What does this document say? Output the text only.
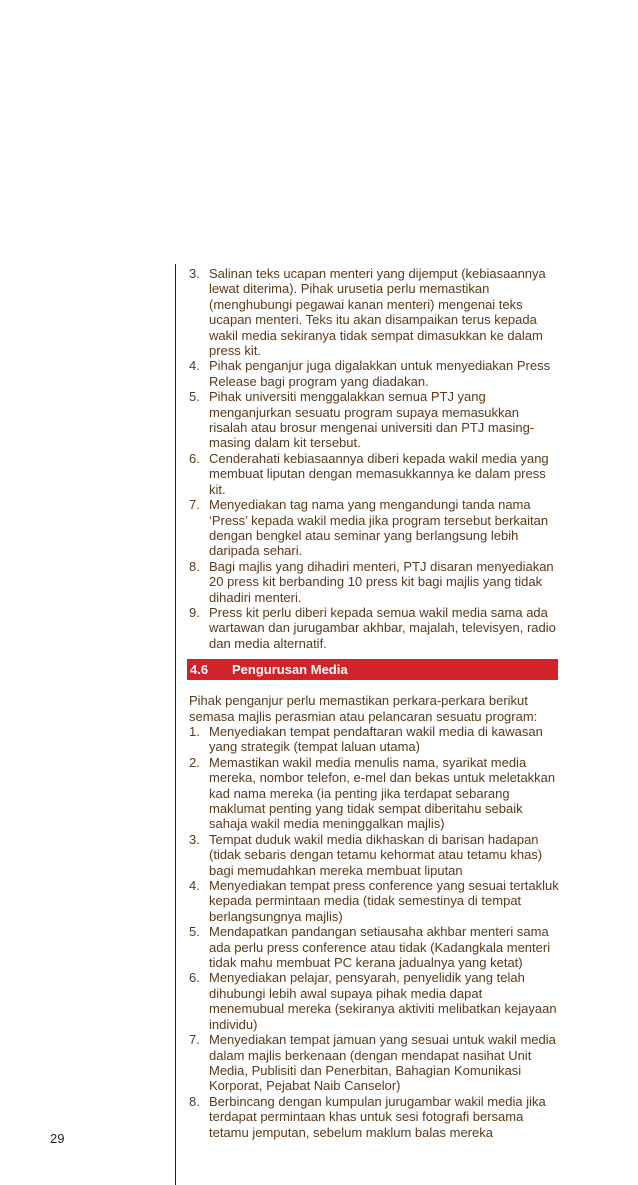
3. Salinan teks ucapan menteri yang dijemput (kebiasaannya lewat diterima). Pihak urusetia perlu memastikan (menghubungi pegawai kanan menteri) mengenai teks ucapan menteri. Teks itu akan disampaikan terus kepada wakil media sekiranya tidak sempat dimasukkan ke dalam press kit.
4. Pihak penganjur juga digalakkan untuk menyediakan Press Release bagi program yang diadakan.
5. Pihak universiti menggalakkan semua PTJ yang menganjurkan sesuatu program supaya memasukkan risalah atau brosur mengenai universiti dan PTJ masing-masing dalam kit tersebut.
6. Cenderahati kebiasaannya diberi kepada wakil media yang membuat liputan dengan memasukkannya ke dalam press kit.
7. Menyediakan tag nama yang mengandungi tanda nama ‘Press’ kepada wakil media jika program tersebut berkaitan dengan bengkel atau seminar yang berlangsung lebih daripada sehari.
8. Bagi majlis yang dihadiri menteri, PTJ disaran menyediakan 20 press kit berbanding 10 press kit bagi majlis yang tidak dihadiri menteri.
9. Press kit perlu diberi kepada semua wakil media sama ada wartawan dan jurugambar akhbar, majalah, televisyen, radio dan media alternatif.
4.6	Pengurusan Media
Pihak penganjur perlu memastikan perkara-perkara berikut semasa majlis perasmian atau pelancaran sesuatu program:
1. Menyediakan tempat pendaftaran wakil media di kawasan yang strategik (tempat laluan utama)
2. Memastikan wakil media menulis nama, syarikat media mereka, nombor telefon, e-mel dan bekas untuk meletakkan kad nama mereka (ia penting jika terdapat sebarang maklumat penting yang tidak sempat diberitahu sebaik sahaja wakil media meninggalkan majlis)
3. Tempat duduk wakil media dikhaskan di barisan hadapan (tidak sebaris dengan tetamu kehormat atau tetamu khas) bagi memudahkan mereka membuat liputan
4. Menyediakan tempat press conference yang sesuai tertakluk kepada permintaan media (tidak semestinya di tempat berlangsungnya majlis)
5. Mendapatkan pandangan setiausaha akhbar menteri sama ada perlu press conference atau tidak (Kadangkala menteri tidak mahu membuat PC kerana jadualnya yang ketat)
6. Menyediakan pelajar, pensyarah, penyelidik yang telah dihubungi lebih awal supaya pihak media dapat menemubual mereka (sekiranya aktiviti melibatkan kejayaan individu)
7. Menyediakan tempat jamuan yang sesuai untuk wakil media dalam majlis berkenaan (dengan mendapat nasihat Unit Media, Publisiti dan Penerbitan, Bahagian Komunikasi Korporat, Pejabat Naib Canselor)
8. Berbincang dengan kumpulan jurugambar wakil media jika terdapat permintaan khas untuk sesi fotografi bersama tetamu jemputan, sebelum maklum balas mereka
29
